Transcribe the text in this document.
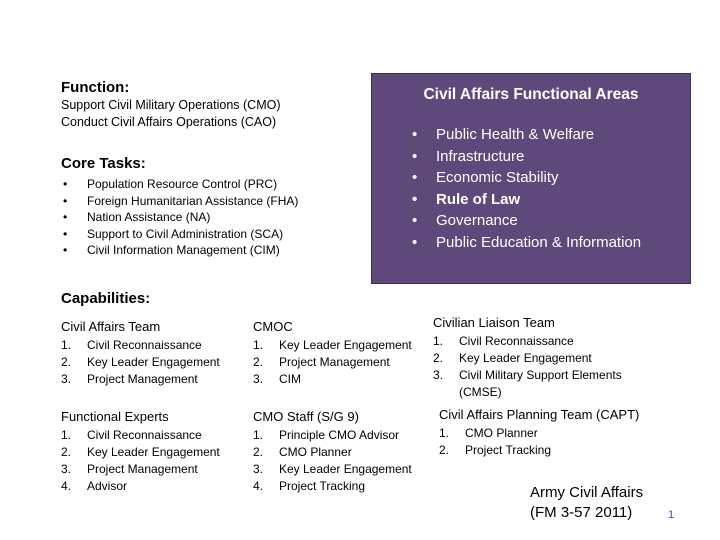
Function:
Support Civil Military Operations (CMO)
Conduct Civil Affairs Operations (CAO)
Core Tasks:
• Population Resource Control (PRC)
• Foreign Humanitarian Assistance (FHA)
• Nation Assistance (NA)
• Support to Civil Administration (SCA)
• Civil Information Management (CIM)
Civil Affairs Functional Areas
• Public Health & Welfare
• Infrastructure
• Economic Stability
• Rule of Law
• Governance
• Public Education & Information
Capabilities:
Civil Affairs Team
1. Civil Reconnaissance
2. Key Leader Engagement
3. Project Management
CMOC
1. Key Leader Engagement
2. Project Management
3. CIM
Civilian Liaison Team
1. Civil Reconnaissance
2. Key Leader Engagement
3. Civil Military Support Elements (CMSE)
Functional Experts
1. Civil Reconnaissance
2. Key Leader Engagement
3. Project Management
4. Advisor
CMO Staff (S/G 9)
1. Principle CMO Advisor
2. CMO Planner
3. Key Leader Engagement
4. Project Tracking
Civil Affairs Planning Team (CAPT)
1. CMO Planner
2. Project Tracking
Army Civil Affairs
(FM 3-57 2011)	1
